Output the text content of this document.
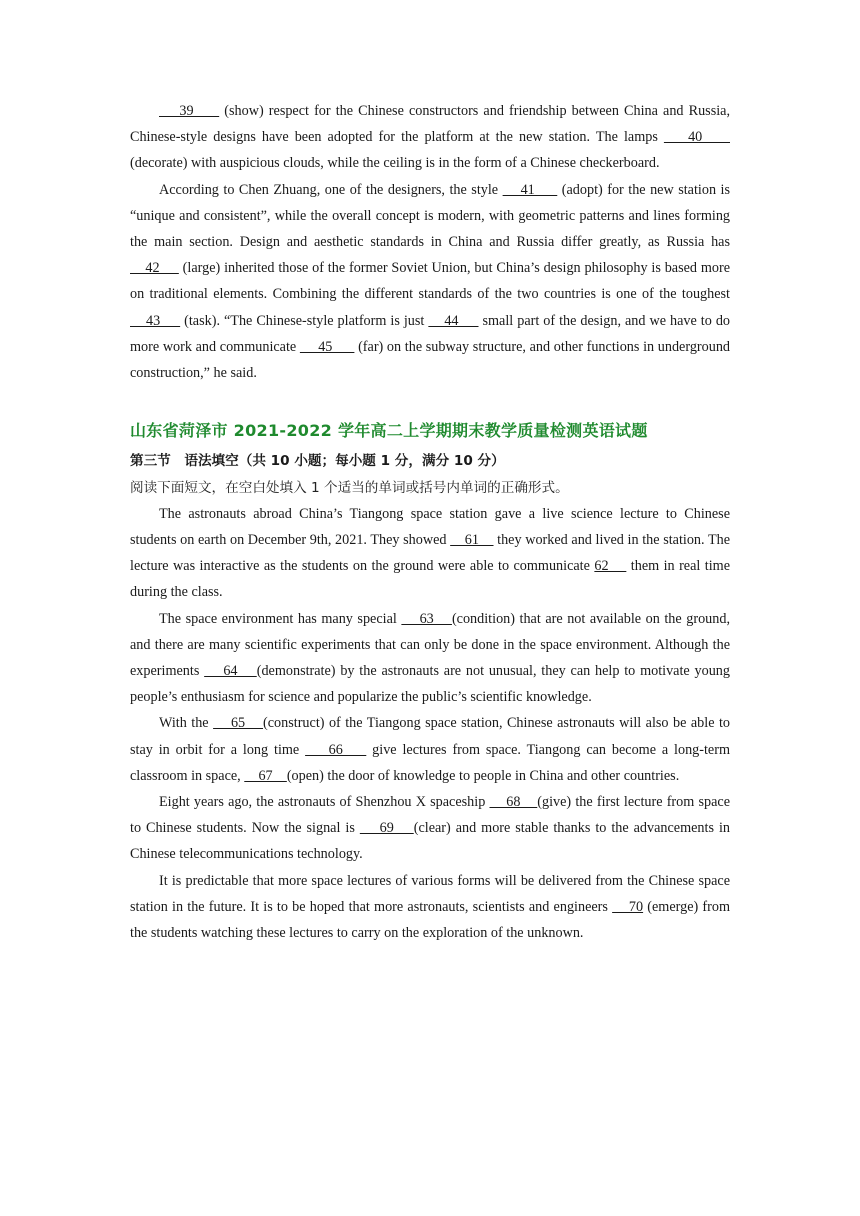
39      (show) respect for the Chinese constructors and friendship between China and Russia, Chinese-style designs have been adopted for the platform at the new station. The lamps     40      (decorate) with auspicious clouds, while the ceiling is in the form of a Chinese checkerboard.

According to Chen Zhuang, one of the designers, the style     41      (adopt) for the new station is “unique and consistent”, while the overall concept is modern, with geometric patterns and lines forming the main section. Design and aesthetic standards in China and Russia differ greatly, as Russia has     42      (large) inherited those of the former Soviet Union, but China’s design philosophy is based more on traditional elements. Combining the different standards of the two countries is one of the toughest     43      (task). “The Chinese-style platform is just     44      small part of the design, and we have to do more work and communicate      45       (far) on the subway structure, and other functions in underground construction,” he said.

山东省菏泽市 2021-2022 学年高二上学期期末教学质量检测英语试题
第三节　语法填空（共 10 小题；每小题 1 分，满分 10 分）
阅读下面短文，在空白处填入 1 个适当的单词或括号内单词的正确形式。

The astronauts abroad China’s Tiangong space station gave a live science lecture to Chinese students on earth on December 9th, 2021. They showed     61     they worked and lived in the station. The lecture was interactive as the students on the ground were able to communicate 62     them in real time during the class.

The space environment has many special     63    (condition) that are not available on the ground, and there are many scientific experiments that can only be done in the space environment. Although the experiments     64    (demonstrate) by the astronauts are not unusual, they can help to motivate young people’s enthusiasm for science and popularize the public’s scientific knowledge.

With the     65    (construct) of the Tiangong space station, Chinese astronauts will also be able to stay in orbit for a long time     66     give lectures from space. Tiangong can become a long-term classroom in space,     67    (open) the door of knowledge to people in China and other countries.

Eight years ago, the astronauts of Shenzhou X spaceship     68    (give) the first lecture from space to Chinese students. Now the signal is     69    (clear) and more stable thanks to the advancements in Chinese telecommunications technology.

It is predictable that more space lectures of various forms will be delivered from the Chinese space station in the future. It is to be hoped that more astronauts, scientists and engineers     70 (emerge) from the students watching these lectures to carry on the exploration of the unknown.
